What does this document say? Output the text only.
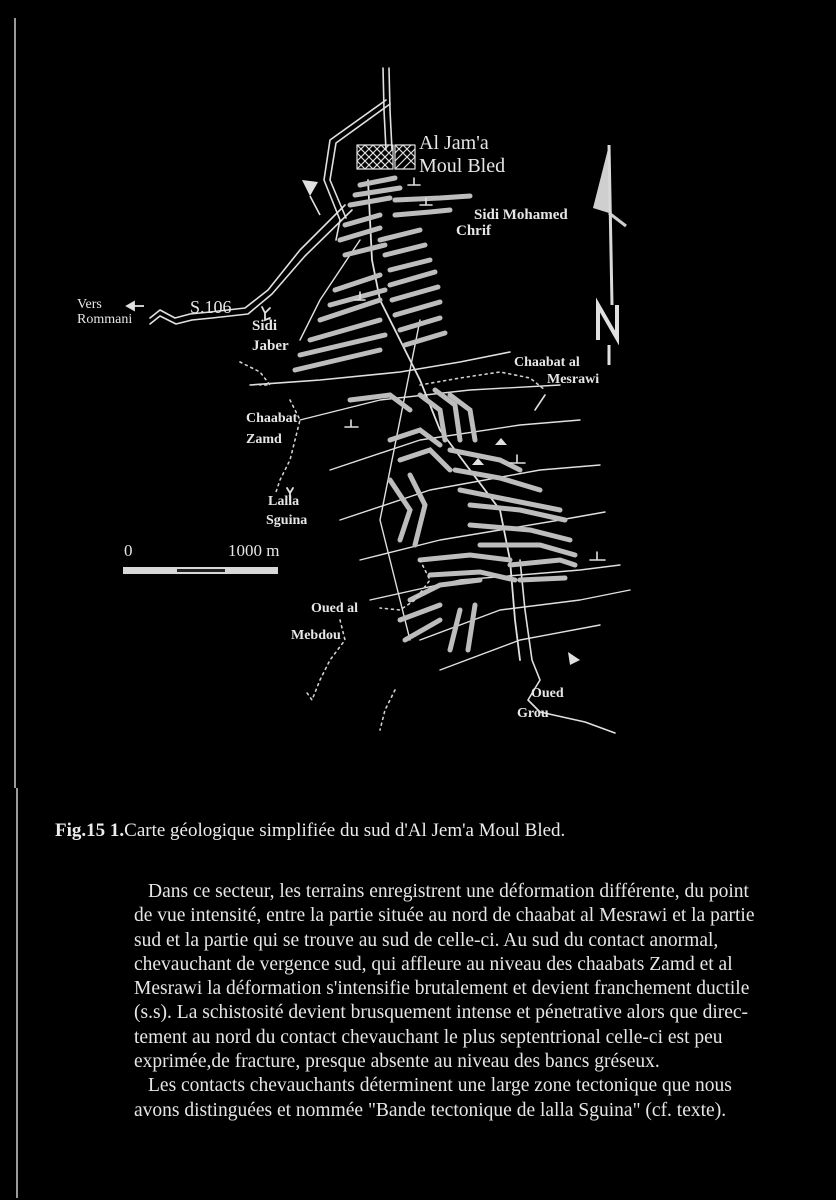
Al Jam'a
Moul Bled
Sidi Mohamed
Chrif
Vers
Rommani
S.106
Sidi
Jaber
Chaabat al
Mesrawi
Chaabat
Zamd
Lalla
Sguina
0	1000 m
Oued al
Mebdou
Oued
Grou
Fig.15 1.Carte géologique simplifiée du sud d'Al Jem'a Moul Bled.
Dans ce secteur, les terrains enregistrent une déformation différente, du point
de vue intensité, entre la partie située au nord de chaabat al Mesrawi et la partie
sud et la partie qui se trouve au sud de celle-ci. Au sud du contact anormal,
chevauchant de vergence sud, qui affleure au niveau des chaabats Zamd et al
Mesrawi la déformation s'intensifie brutalement et devient franchement ductile
(s.s). La schistosité devient brusquement intense et pénetrative alors que direc-
tement au nord du contact chevauchant le plus septentrional celle-ci est peu
exprimée,de fracture, presque absente au niveau des bancs gréseux.
Les contacts chevauchants déterminent une large zone tectonique que nous
avons distinguées et nommée "Bande tectonique de lalla Sguina" (cf. texte).
